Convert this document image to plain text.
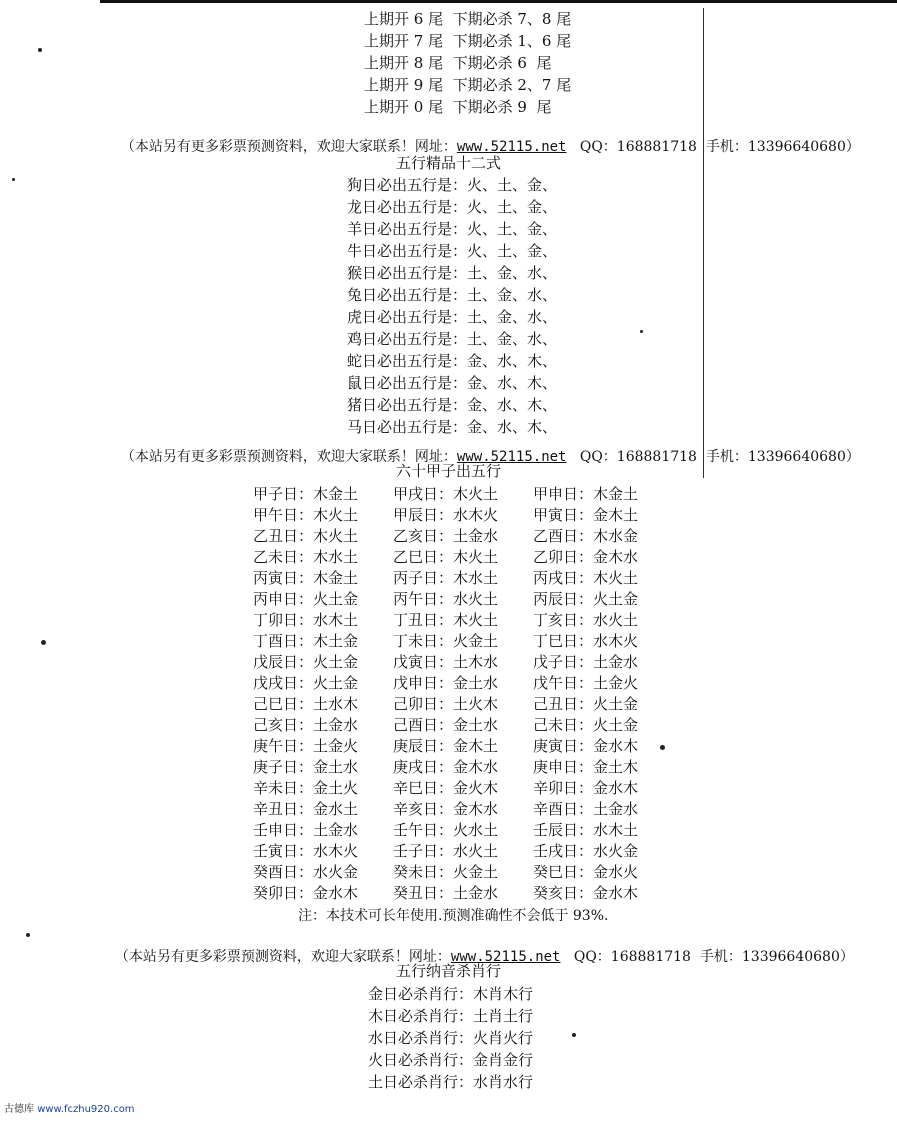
上期开 6 尾  下期必杀 7、8 尾
上期开 7 尾  下期必杀 1、6 尾
上期开 8 尾  下期必杀 6  尾
上期开 9 尾  下期必杀 2、7 尾
上期开 0 尾  下期必杀 9  尾

（本站另有更多彩票预测资料，欢迎大家联系！网址：www.52115.net QQ：168881718 手机：13396640680）

五行精品十二式
狗日必出五行是：火、土、金、
龙日必出五行是：火、土、金、
羊日必出五行是：火、土、金、
牛日必出五行是：火、土、金、
猴日必出五行是：土、金、水、
兔日必出五行是：土、金、水、
虎日必出五行是：土、金、水、
鸡日必出五行是：土、金、水、
蛇日必出五行是：金、水、木、
鼠日必出五行是：金、水、木、
猪日必出五行是：金、水、木、
马日必出五行是：金、水、木、

（本站另有更多彩票预测资料，欢迎大家联系！网址：www.52115.net QQ：168881718 手机：13396640680）

六十甲子出五行
甲子日：木金土	甲戌日：木火土	甲申日：木金土
甲午日：木火土	甲辰日：水木火	甲寅日：金木土
乙丑日：木火土	乙亥日：土金水	乙酉日：木水金
乙未日：木水土	乙巳日：木火土	乙卯日：金木水
丙寅日：木金土	丙子日：木水土	丙戌日：木火土
丙申日：火土金	丙午日：水火土	丙辰日：火土金
丁卯日：水木土	丁丑日：木火土	丁亥日：水火土
丁酉日：木土金	丁未日：火金土	丁巳日：水木火
戊辰日：火土金	戊寅日：土木水	戊子日：土金水
戊戌日：火土金	戊申日：金土水	戊午日：土金火
己巳日：土水木	己卯日：土火木	己丑日：火土金
己亥日：土金水	己酉日：金土水	己未日：火土金
庚午日：土金火	庚辰日：金木土	庚寅日：金水木
庚子日：金土水	庚戌日：金木水	庚申日：金土木
辛未日：金土火	辛巳日：金火木	辛卯日：金水木
辛丑日：金水土	辛亥日：金木水	辛酉日：土金水
壬申日：土金水	壬午日：火水土	壬辰日：水木土
壬寅日：水木火	壬子日：水火土	壬戌日：水火金
癸酉日：水火金	癸未日：火金土	癸巳日：金水火
癸卯日：金水木	癸丑日：土金水	癸亥日：金水木
注：本技术可长年使用.预测准确性不会低于 93%.

（本站另有更多彩票预测资料，欢迎大家联系！网址：www.52115.net QQ：168881718 手机：13396640680）

五行纳音杀肖行
金日必杀肖行：木肖木行
木日必杀肖行：土肖土行
水日必杀肖行：火肖火行
火日必杀肖行：金肖金行
土日必杀肖行：水肖水行
古德库 www.fczhu920.com
